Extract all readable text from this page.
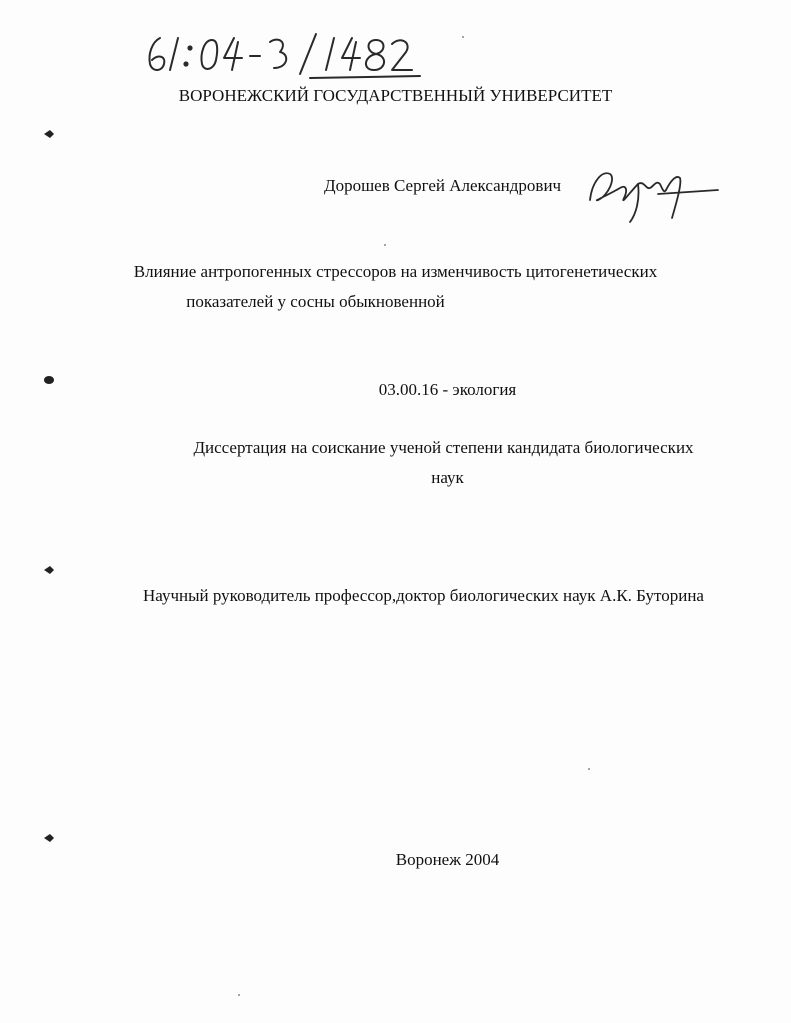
ВОРОНЕЖСКИЙ ГОСУДАРСТВЕННЫЙ УНИВЕРСИТЕТ
Дорошев Сергей Александрович
Влияние антропогенных стрессоров на изменчивость цитогенетических
показателей у сосны обыкновенной
03.00.16 - экология
Диссертация на соискание ученой степени кандидата биологических
наук
Научный руководитель профессор,доктор биологических наук А.К. Буторина
Воронеж 2004
